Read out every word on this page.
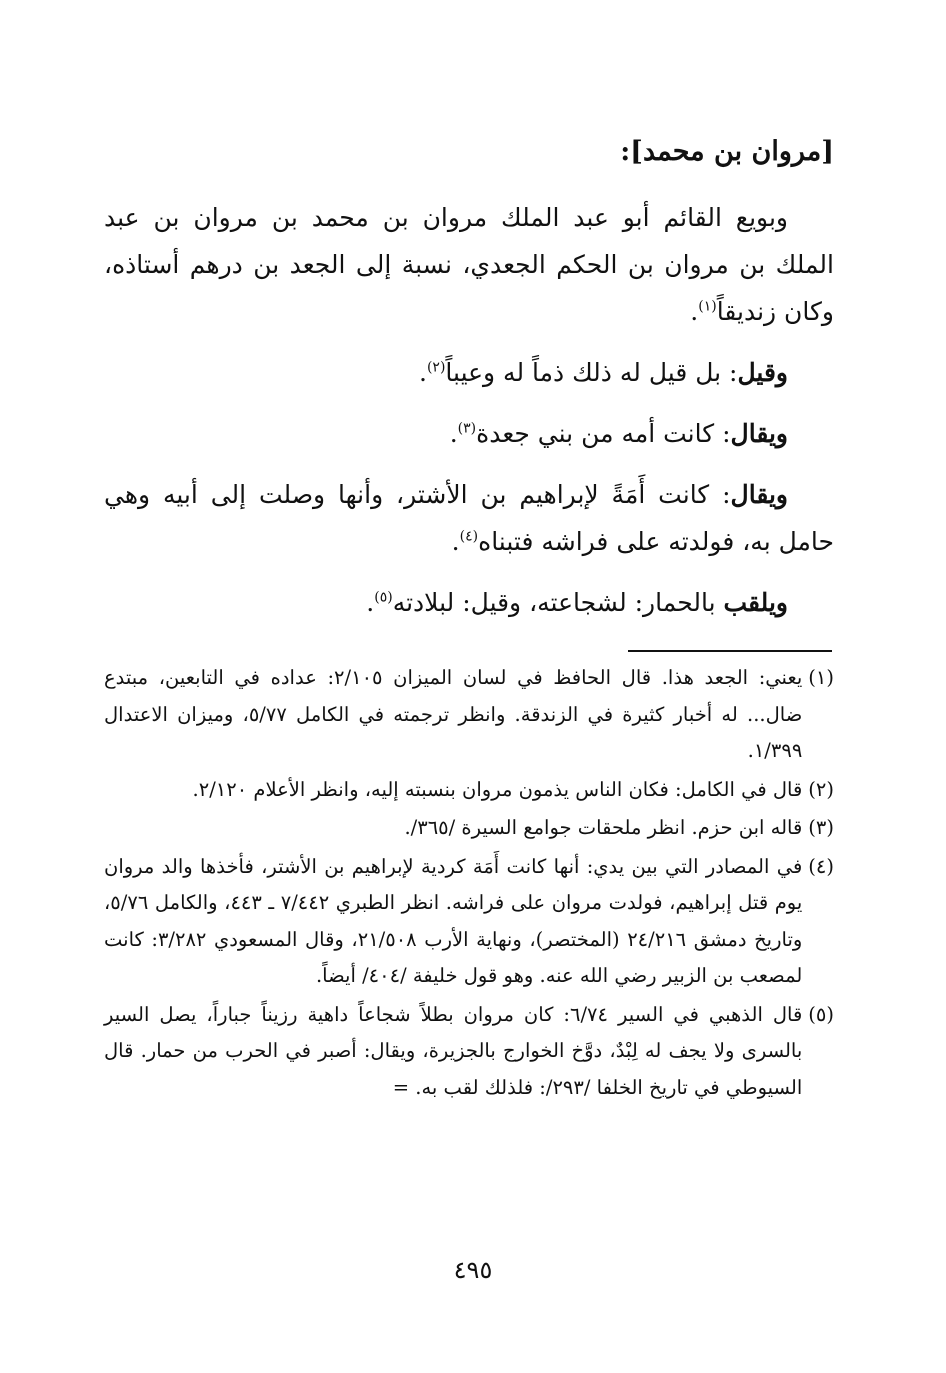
[مروان بن محمد]:

وبويع القائم أبو عبد الملك مروان بن محمد بن مروان بن عبد الملك بن مروان بن الحكم الجعدي، نسبة إلى الجعد بن درهم أستاذه، وكان زنديقاً$^{(١)}$.

وقيل: بل قيل له ذلك ذماً له وعيباً$^{(٢)}$.

ويقال: كانت أمه من بني جعدة$^{(٣)}$.

ويقال: كانت أَمَةً لإبراهيم بن الأشتر، وأنها وصلت إلى أبيه وهي حامل به، فولدته على فراشه فتبناه$^{(٤)}$.

ويلقب بالحمار: لشجاعته، وقيل: لبلادته$^{(٥)}$.

(١)
يعني: الجعد هذا. قال الحافظ في لسان الميزان ٢/١٠٥: عداده في التابعين، مبتدع ضال... له أخبار كثيرة في الزندقة. وانظر ترجمته في الكامل ٥/٧٧، وميزان الاعتدال ١/٣٩٩.
(٢)
قال في الكامل: فكان الناس يذمون مروان بنسبته إليه، وانظر الأعلام ٢/١٢٠.
(٣)
قاله ابن حزم. انظر ملحقات جوامع السيرة /٣٦٥/.
(٤)
في المصادر التي بين يدي: أنها كانت أَمَة كردية لإبراهيم بن الأشتر، فأخذها والد مروان يوم قتل إبراهيم، فولدت مروان على فراشه. انظر الطبري ٧/٤٤٢ ـ ٤٤٣، والكامل ٥/٧٦، وتاريخ دمشق ٢٤/٢١٦ (المختصر)، ونهاية الأرب ٢١/٥٠٨، وقال المسعودي ٣/٢٨٢: كانت لمصعب بن الزبير رضي الله عنه. وهو قول خليفة /٤٠٤/ أيضاً.
(٥)
قال الذهبي في السير ٦/٧٤: كان مروان بطلاً شجاعاً داهية رزيناً جباراً، يصل السير بالسرى ولا يجف له لِبْدٌ، دوَّخ الخوارج بالجزيرة، ويقال: أصبر في الحرب من حمار. قال السيوطي في تاريخ الخلفا /٢٩٣/: فلذلك لقب به. =
٤٩٥
